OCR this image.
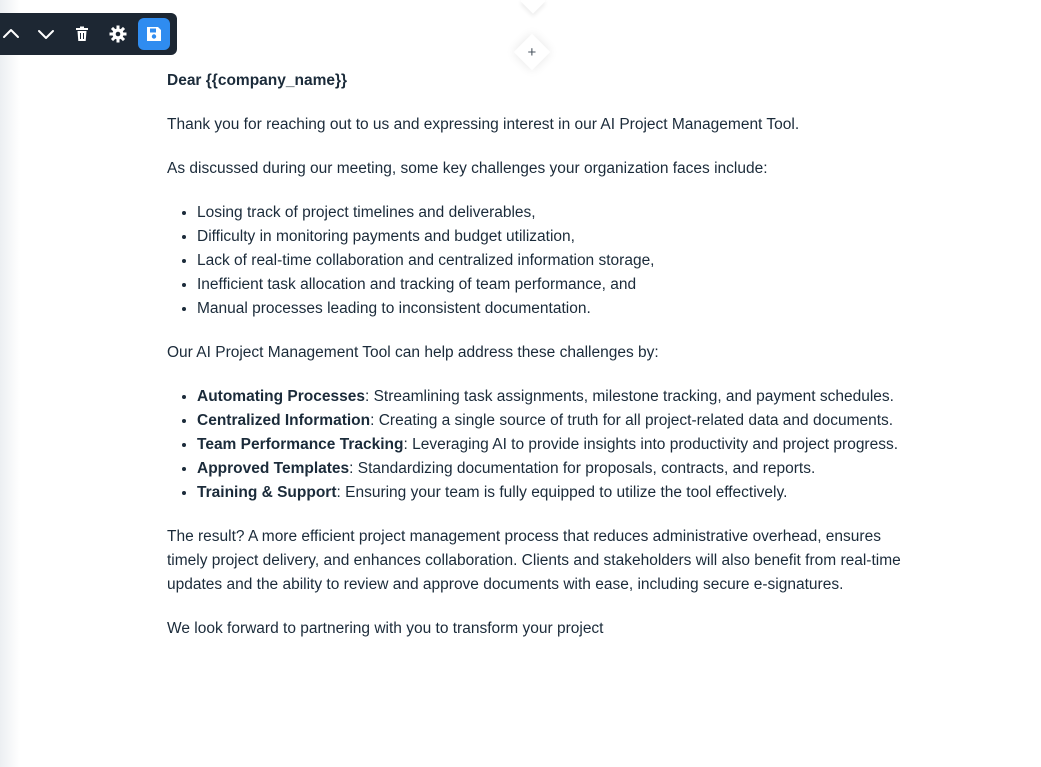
+

Dear {{company_name}}

Thank you for reaching out to us and expressing interest in our AI Project Management Tool.

As discussed during our meeting, some key challenges your organization faces include:

• Losing track of project timelines and deliverables,
• Difficulty in monitoring payments and budget utilization,
• Lack of real-time collaboration and centralized information storage,
• Inefficient task allocation and tracking of team performance, and
• Manual processes leading to inconsistent documentation.

Our AI Project Management Tool can help address these challenges by:

• Automating Processes: Streamlining task assignments, milestone tracking, and payment schedules.
• Centralized Information: Creating a single source of truth for all project-related data and documents.
• Team Performance Tracking: Leveraging AI to provide insights into productivity and project progress.
• Approved Templates: Standardizing documentation for proposals, contracts, and reports.
• Training & Support: Ensuring your team is fully equipped to utilize the tool effectively.

The result? A more efficient project management process that reduces administrative overhead, ensures timely project delivery, and enhances collaboration. Clients and stakeholders will also benefit from real-time updates and the ability to review and approve documents with ease, including secure e-signatures.

We look forward to partnering with you to transform your project
